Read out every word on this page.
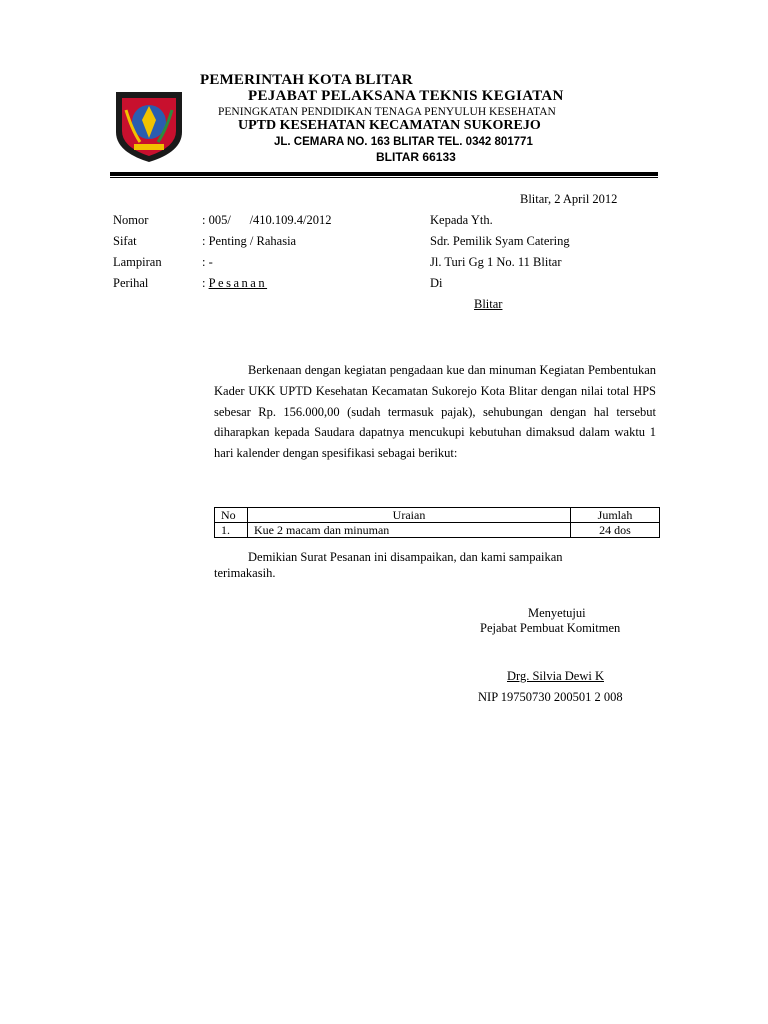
PEMERINTAH KOTA BLITAR
PEJABAT PELAKSANA TEKNIS KEGIATAN
PENINGKATAN PENDIDIKAN TENAGA PENYULUH KESEHATAN
UPTD KESEHATAN KECAMATAN SUKOREJO
JL. CEMARA NO. 163 BLITAR TEL. 0342 801771
BLITAR 66133
Blitar, 2 April 2012
Nomor	: 005/      /410.109.4/2012
Sifat	: Penting / Rahasia
Lampiran	: -
Perihal	: Pesanan
Kepada Yth.
Sdr. Pemilik Syam Catering
Jl. Turi Gg 1 No. 11 Blitar
Di
Blitar
Berkenaan dengan kegiatan pengadaan kue dan minuman Kegiatan Pembentukan Kader UKK UPTD Kesehatan Kecamatan Sukorejo Kota Blitar dengan nilai total HPS sebesar Rp. 156.000,00 (sudah termasuk pajak), sehubungan dengan hal tersebut diharapkan kepada Saudara dapatnya mencukupi kebutuhan dimaksud dalam waktu 1 hari kalender dengan spesifikasi sebagai berikut:
No	Uraian	Jumlah
1.	Kue 2 macam dan minuman	24 dos
Demikian Surat Pesanan ini disampaikan, dan kami sampaikan
terimakasih.
Menyetujui
Pejabat Pembuat Komitmen
Drg. Silvia Dewi K
NIP 19750730 200501 2 008
